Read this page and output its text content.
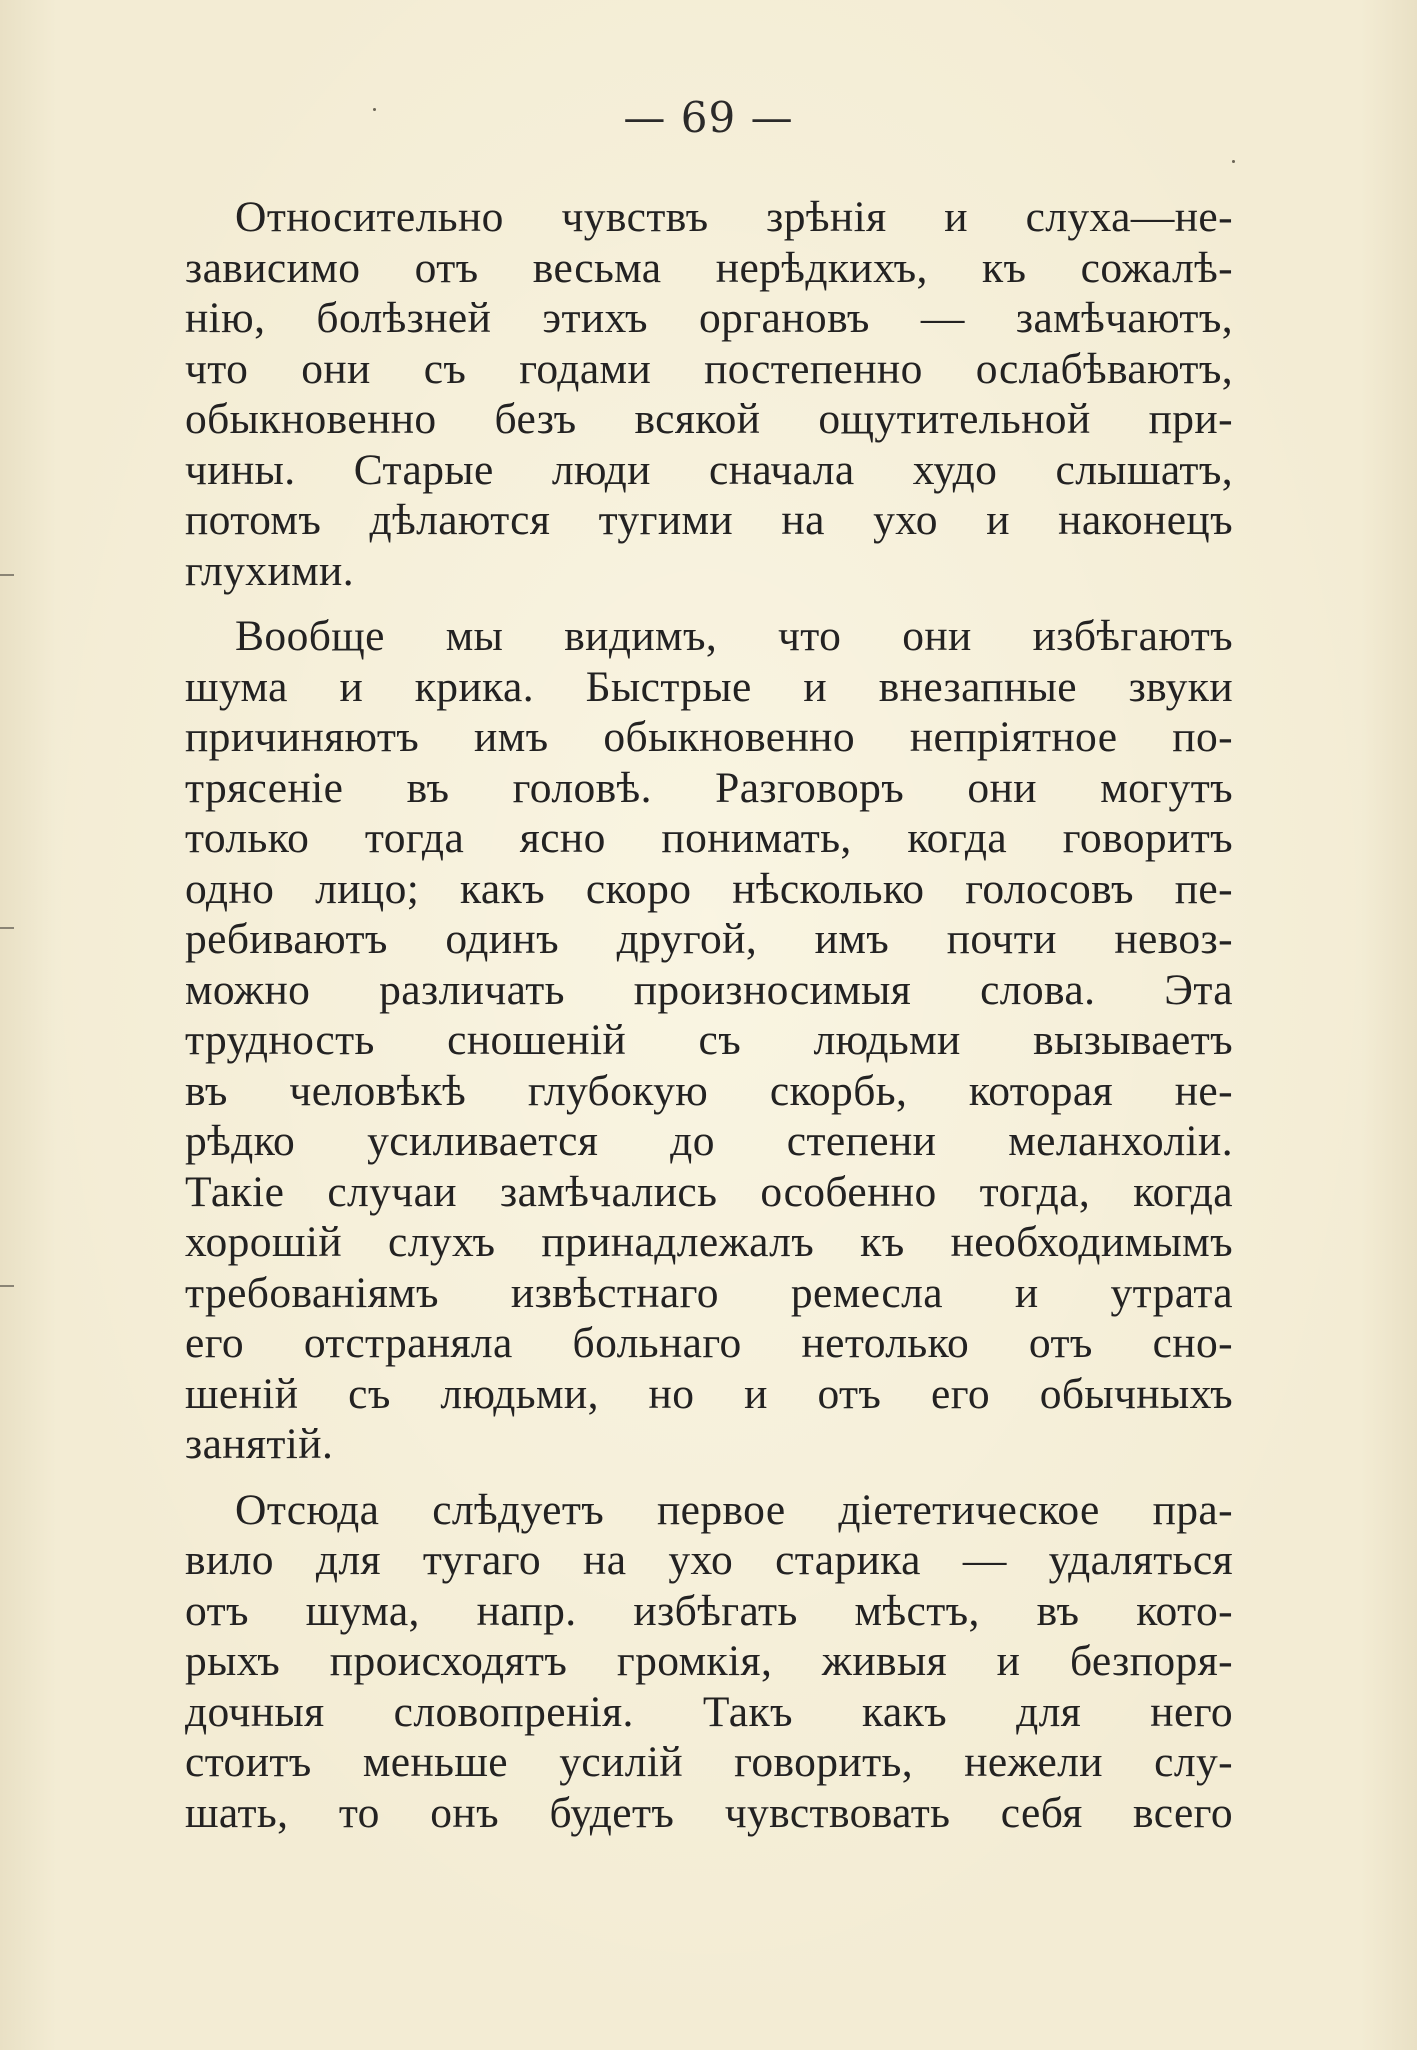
— 69 —
Относительно чувствъ зрѣнія и слуха—не-
зависимо отъ весьма нерѣдкихъ, къ сожалѣ-
нію, болѣзней этихъ органовъ — замѣчаютъ,
что они съ годами постепенно ослабѣваютъ,
обыкновенно безъ всякой ощутительной при-
чины. Старые люди сначала худо слышатъ,
потомъ дѣлаются тугими на ухо и наконецъ
глухими.
Вообще мы видимъ, что они избѣгаютъ
шума и крика. Быстрые и внезапные звуки
причиняютъ имъ обыкновенно непріятное по-
трясеніе въ головѣ. Разговоръ они могутъ
только тогда ясно понимать, когда говоритъ
одно лицо; какъ скоро нѣсколько голосовъ пе-
ребиваютъ одинъ другой, имъ почти невоз-
можно различать произносимыя слова. Эта
трудность сношеній съ людьми вызываетъ
въ человѣкѣ глубокую скорбь, которая не-
рѣдко усиливается до степени меланхоліи.
Такіе случаи замѣчались особенно тогда, когда
хорошій слухъ принадлежалъ къ необходимымъ
требованіямъ извѣстнаго ремесла и утрата
его отстраняла больнаго нетолько отъ сно-
шеній съ людьми, но и отъ его обычныхъ
занятій.
Отсюда слѣдуетъ первое діететическое пра-
вило для тугаго на ухо старика — удаляться
отъ шума, напр. избѣгать мѣстъ, въ кото-
рыхъ происходятъ громкія, живыя и безпоря-
дочныя словопренія. Такъ какъ для него
стоитъ меньше усилій говорить, нежели слу-
шать, то онъ будетъ чувствовать себя всего
